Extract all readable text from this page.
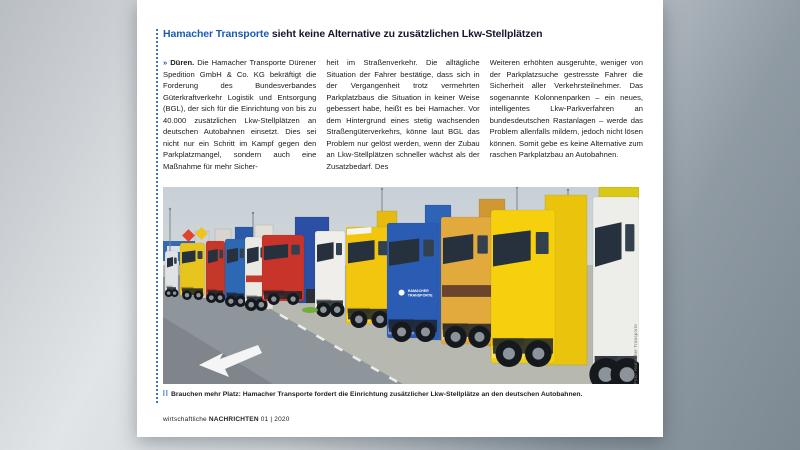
Hamacher Transporte sieht keine Alternative zu zusätzlichen Lkw-Stellplätzen
» Düren. Die Hamacher Transporte Dürener Spedition GmbH & Co. KG bekräftigt die Forderung des Bundesverbandes Güterkraftverkehr Logistik und Entsorgung (BGL), der sich für die Einrichtung von bis zu 40.000 zusätzlichen Lkw-Stellplätzen an deutschen Autobahnen einsetzt. Dies sei nicht nur ein Schritt im Kampf gegen den Parkplatzmangel, sondern auch eine Maßnahme für mehr Sicher-
heit im Straßenverkehr. Die alltägliche Situation der Fahrer bestätige, dass sich in der Vergangenheit trotz vermehrten Parkplatzbaus die Situation in keiner Weise gebessert habe, heißt es bei Hamacher. Vor dem Hintergrund eines stetig wachsenden Straßengüterverkehrs, könne laut BGL das Problem nur gelöst werden, wenn der Zubau an Lkw-Stellplätzen schneller wächst als der Zusatzbedarf. Des
Weiteren erhöhten ausgeruhte, weniger von der Parkplatzsuche gestresste Fahrer die Sicherheit aller Verkehrsteilnehmer. Das sogenannte Kolonnenparken – ein neues, intelligentes Lkw-Parkverfahren an bundesdeutschen Rastanlagen – werde das Problem allenfalls mildern, jedoch nicht lösen können. Somit gebe es keine Alternative zum raschen Parkplatzbau an Autobahnen.
HAMACHER
TRANSPORTE
Foto: Hamacher Transporte
Brauchen mehr Platz: Hamacher Transporte fordert die Einrichtung zusätzlicher Lkw-Stellplätze an den deutschen Autobahnen.
wirtschaftliche NACHRICHTEN 01 | 2020
